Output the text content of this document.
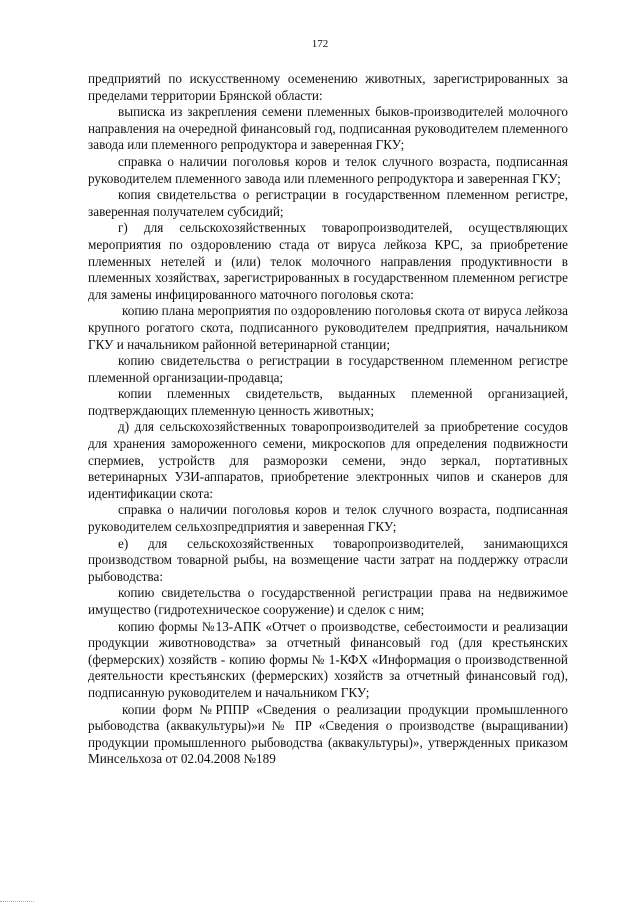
172

предприятий по искусственному осеменению животных, зарегистрированных за пределами территории Брянской области:

выписка из закрепления семени племенных быков-производителей молочного направления на очередной финансовый год, подписанная руководителем племенного завода или племенного репродуктора и заверенная ГКУ;

справка о наличии поголовья коров и телок случного возраста, подписанная руководителем племенного завода или племенного репродуктора и заверенная ГКУ;

копия свидетельства о регистрации в государственном племенном регистре, заверенная получателем субсидий;

г) для сельскохозяйственных товаропроизводителей, осуществляющих мероприятия по оздоровлению стада от вируса лейкоза КРС, за приобретение племенных нетелей и (или) телок молочного направления продуктивности в племенных хозяйствах, зарегистрированных в государственном племенном регистре для замены инфицированного маточного поголовья скота:

копию плана мероприятия по оздоровлению поголовья скота от вируса лейкоза крупного рогатого скота, подписанного руководителем предприятия, начальником ГКУ и начальником районной ветеринарной станции;

копию свидетельства о регистрации в государственном племенном регистре племенной организации-продавца;

копии племенных свидетельств, выданных племенной организацией, подтверждающих племенную ценность животных;

д) для сельскохозяйственных товаропроизводителей за приобретение сосудов для хранения замороженного семени, микроскопов для определения подвижности спермиев, устройств для разморозки семени, эндо зеркал, портативных ветеринарных УЗИ-аппаратов, приобретение электронных чипов и сканеров для идентификации скота:

справка о наличии поголовья коров и телок случного возраста, подписанная руководителем сельхозпредприятия и заверенная ГКУ;

е) для сельскохозяйственных товаропроизводителей, занимающихся производством товарной рыбы, на возмещение части затрат на поддержку отрасли рыбоводства:

копию свидетельства о государственной регистрации права на недвижимое имущество (гидротехническое сооружение) и сделок с ним;

копию формы №13-АПК «Отчет о производстве, себестоимости и реализации продукции животноводства» за отчетный финансовый год (для крестьянских (фермерских) хозяйств - копию формы № 1-КФХ «Информация о производственной деятельности крестьянских (фермерских) хозяйств за отчетный финансовый год), подписанную руководителем и начальником ГКУ;

копии форм №РППР «Сведения о реализации продукции промышленного рыбоводства (аквакультуры)»и № ПР «Сведения о производстве (выращивании) продукции промышленного рыбоводства (аквакультуры)», утвержденных приказом Минсельхоза от 02.04.2008 №189
